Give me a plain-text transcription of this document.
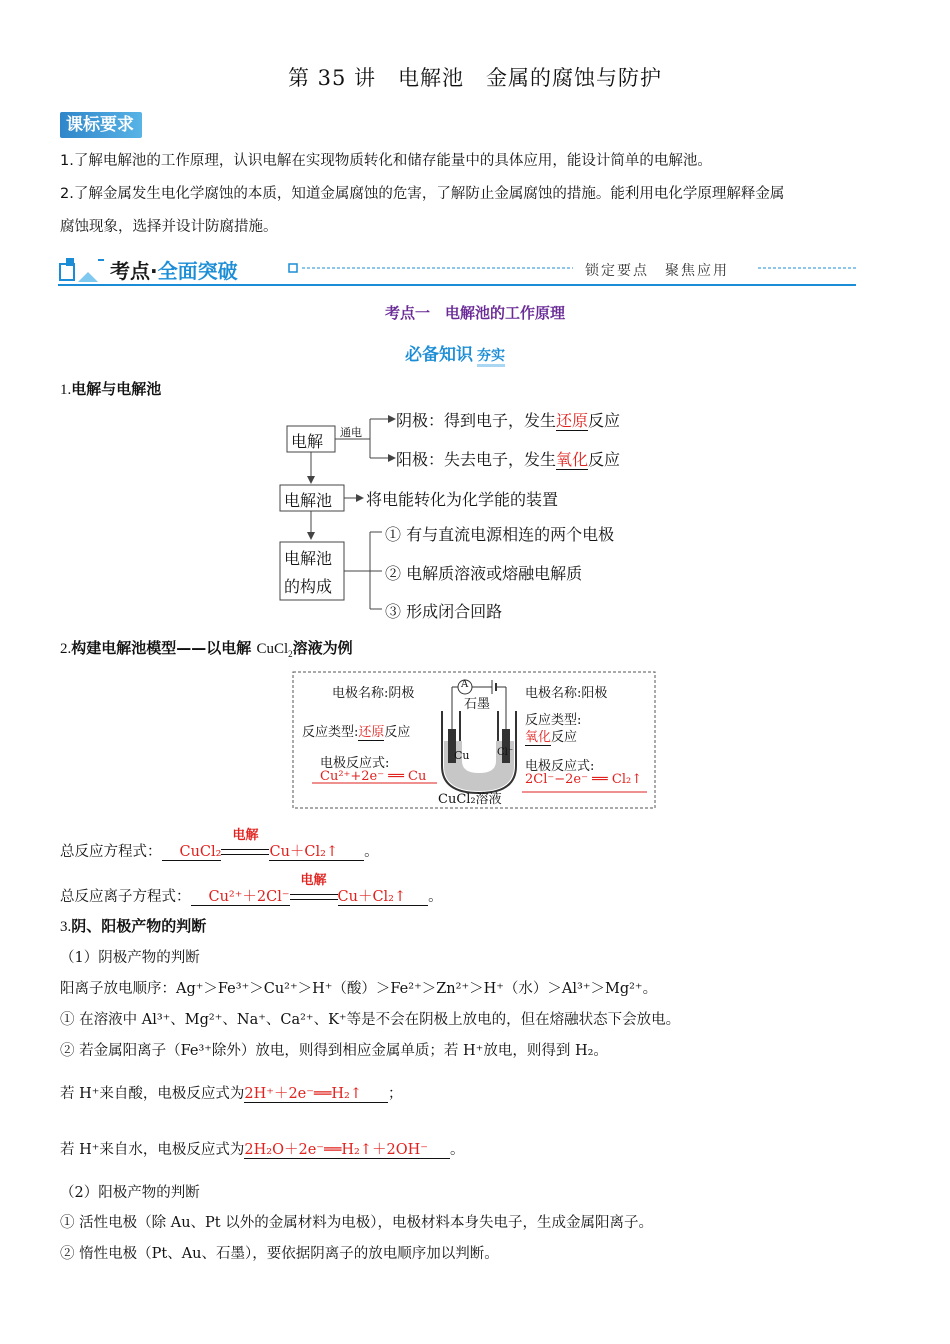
第 35 讲　电解池　金属的腐蚀与防护
课标要求
1.了解电解池的工作原理，认识电解在实现物质转化和储存能量中的具体应用，能设计简单的电解池。
2.了解金属发生电化学腐蚀的本质，知道金属腐蚀的危害，了解防止金属腐蚀的措施。能利用电化学原理解释金属
腐蚀现象，选择并设计防腐措施。
考点·全面突破	锁定要点　聚焦应用
考点一　电解池的工作原理
必备知识 夯实
1.电解与电解池
电解 通电
阴极：得到电子，发生还原反应
阳极：失去电子，发生氧化反应
电解池 将电能转化为化学能的装置
电解池
的构成
① 有与直流电源相连的两个电极
② 电解质溶液或熔融电解质
③ 形成闭合回路
2.构建电解池模型——以电解 CuCl$_2$溶液为例
A
石墨
电极名称:阴极
反应类型:还原反应
电极反应式:
Cu²⁺+2e⁻ ══ Cu
电极名称:阳极
反应类型:
氧化反应
电极反应式:
2Cl⁻−2e⁻ ══ Cl₂↑
Cu	Cl⁻
CuCl₂溶液
总反应方程式： CuCl₂
电解
Cu＋Cl₂↑ 。
总反应离子方程式： Cu²⁺＋2Cl⁻
电解
Cu＋Cl₂↑ 。
3.阴、阳极产物的判断
（1）阴极产物的判断
阳离子放电顺序：Ag⁺＞Fe³⁺＞Cu²⁺＞H⁺（酸）＞Fe²⁺＞Zn²⁺＞H⁺（水）＞Al³⁺＞Mg²⁺。
① 在溶液中 Al³⁺、Mg²⁺、Na⁺、Ca²⁺、K⁺等是不会在阴极上放电的，但在熔融状态下会放电。
② 若金属阳离子（Fe³⁺除外）放电，则得到相应金属单质；若 H⁺放电，则得到 H₂。
若 H⁺来自酸，电极反应式为2H⁺＋2e⁻══H₂↑ ；
若 H⁺来自水，电极反应式为2H₂O＋2e⁻══H₂↑＋2OH⁻ 。
（2）阳极产物的判断
① 活性电极（除 Au、Pt 以外的金属材料为电极），电极材料本身失电子，生成金属阳离子。
② 惰性电极（Pt、Au、石墨），要依据阴离子的放电顺序加以判断。
